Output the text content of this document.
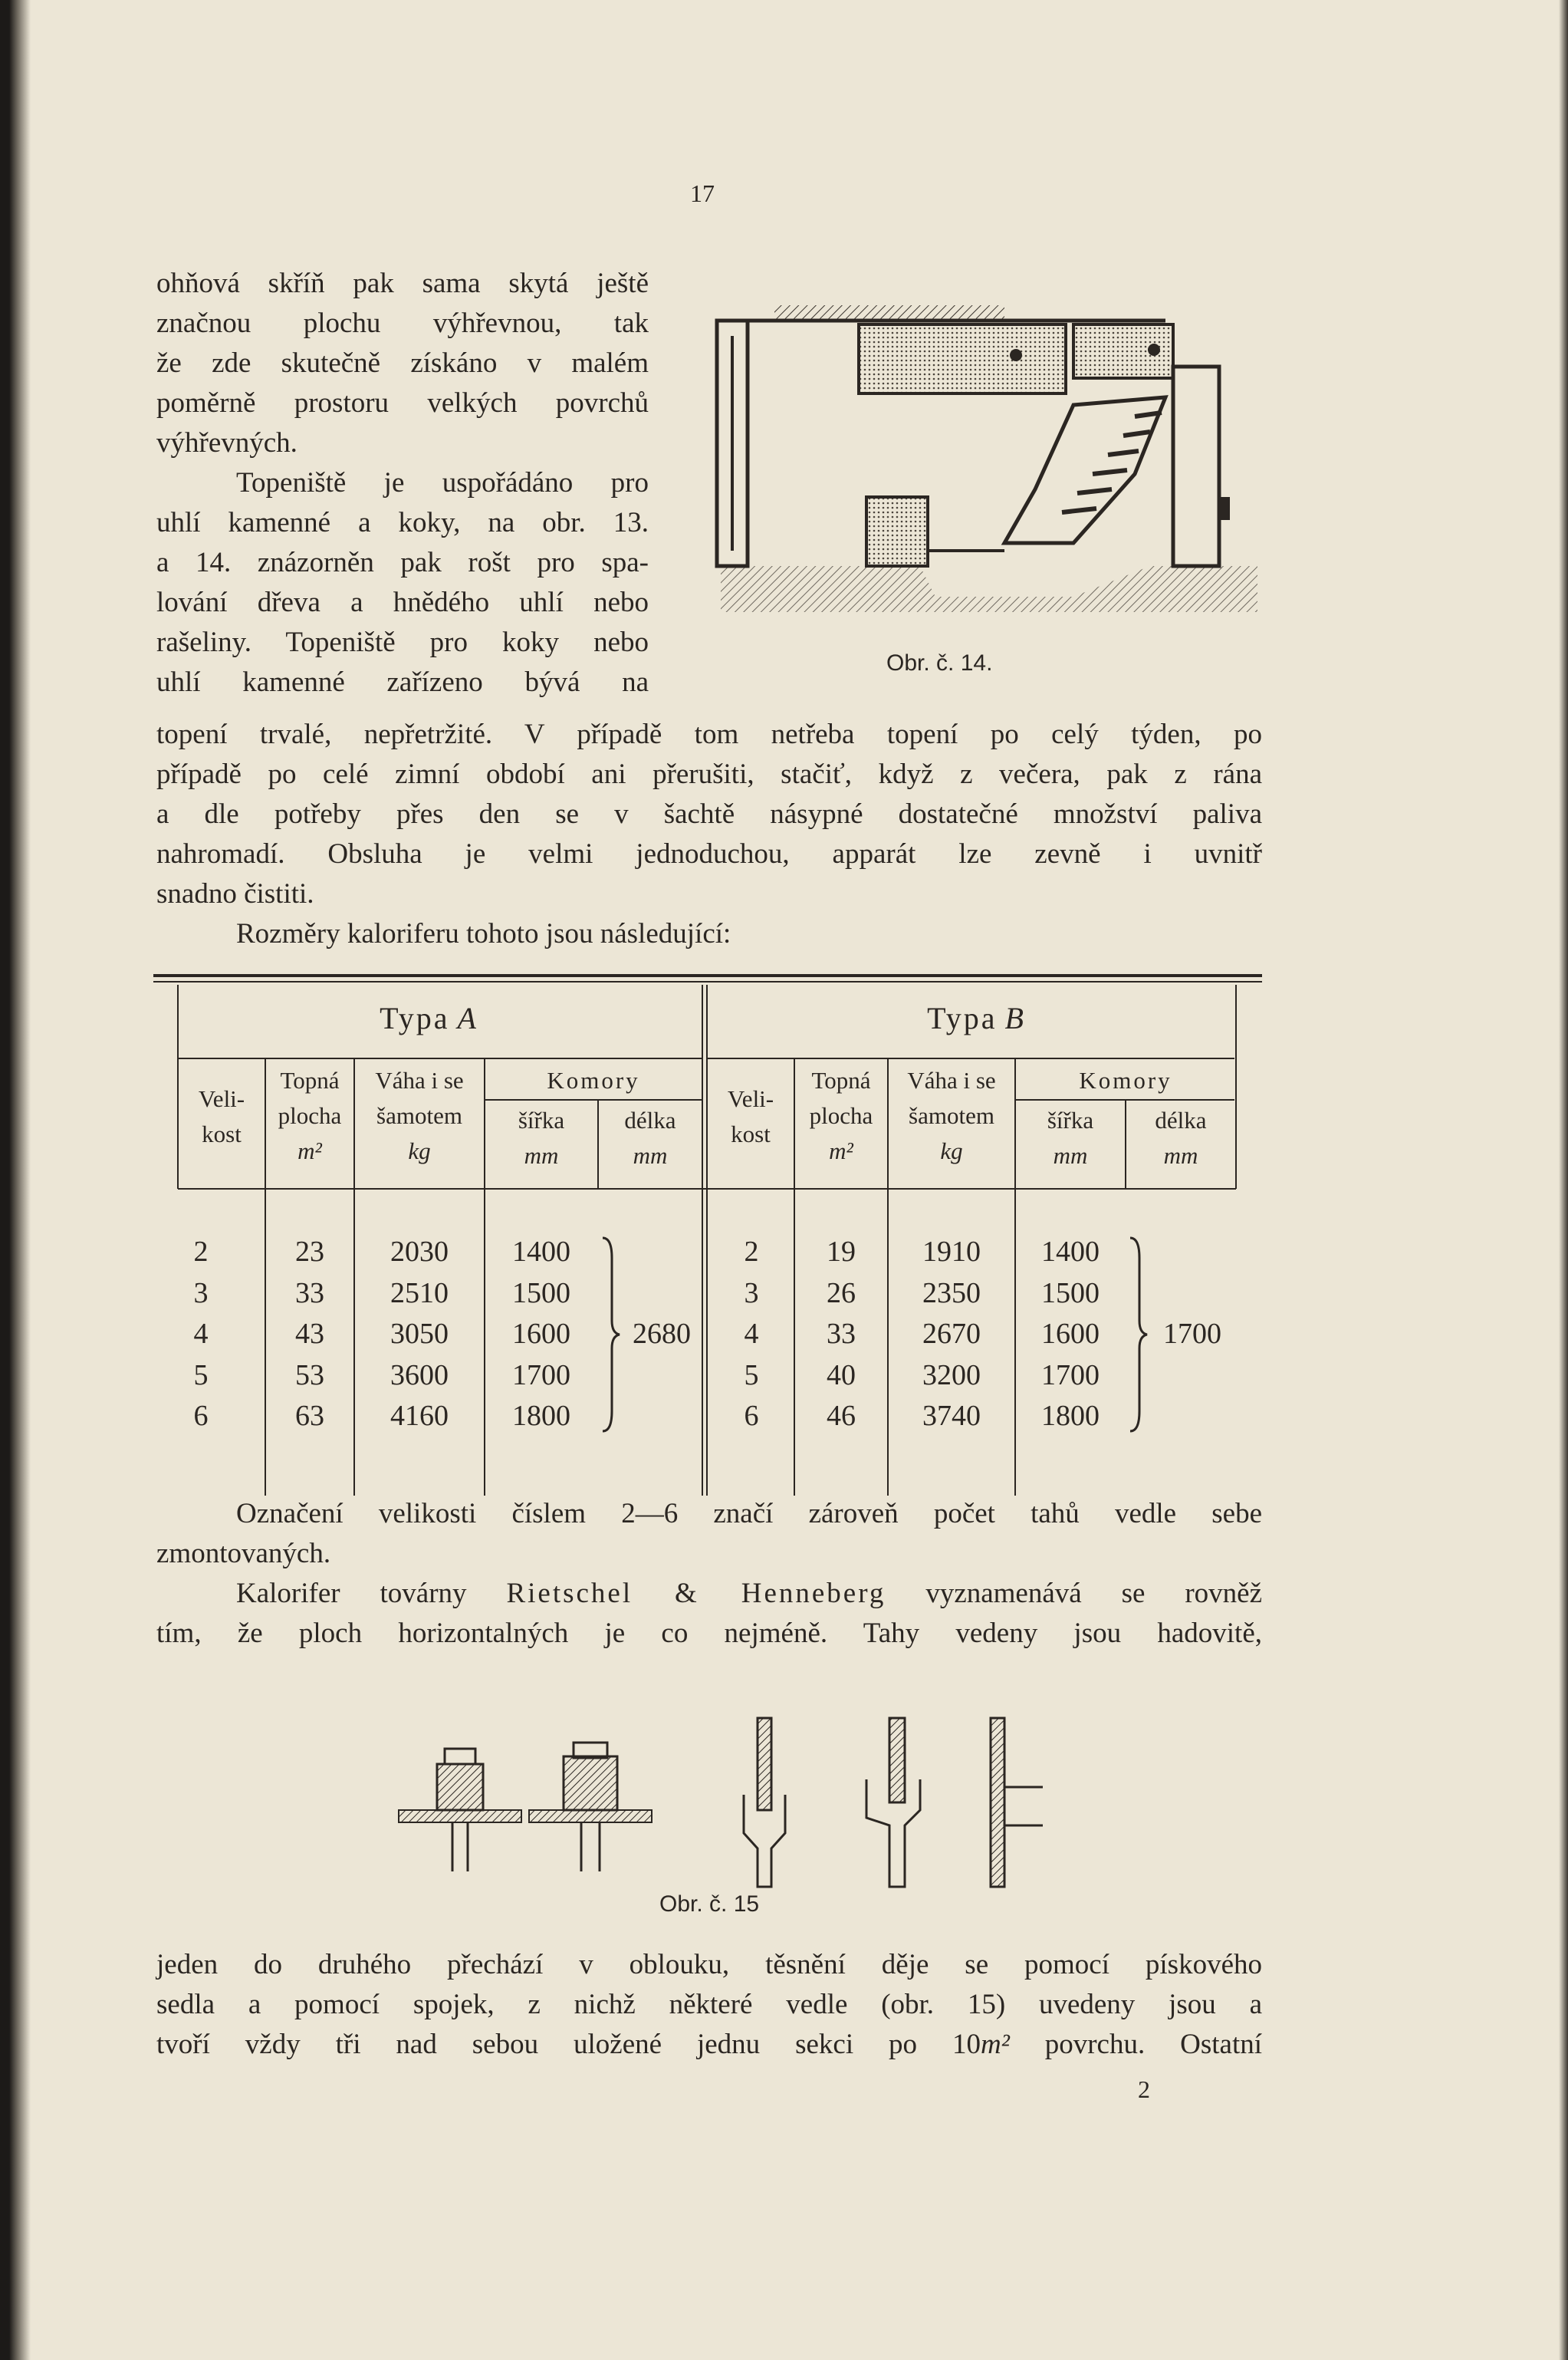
17
ohňová skříň pak sama skytá ještě
značnou plochu výhřevnou, tak
že zde skutečně získáno v malém
poměrně prostoru velkých povrchů
výhřevných.
Topeniště je uspořádáno pro
uhlí kamenné a koky, na obr. 13.
a 14. znázorněn pak rošt pro spa-
lování dřeva a hnědého uhlí nebo
rašeliny. Topeniště pro koky nebo
uhlí kamenné zařízeno bývá na
Obr. č. 14.
topení trvalé, nepřetržité. V případě tom netřeba topení po celý týden, po
případě po celé zimní období ani přerušiti, stačiť, když z večera, pak z rána
a dle potřeby přes den se v šachtě násypné dostatečné množství paliva
nahromadí. Obsluha je velmi jednoduchou, apparát lze zevně i uvnitř
snadno čistiti.
Rozměry kaloriferu tohoto jsou následující:
Typa A	Typa B
Veli-
kost
Topná
plocha
m²
Váha i se
šamotem
kg
Komory
šířka
mm
délka
mm
Veli-
kost
Topná
plocha
m²
Váha i se
šamotem
kg
Komory
šířka
mm
délka
mm
2
3
4
5
6
23
33
43
53
63
2030
2510
3050
3600
4160
1400
1500
1600
1700
1800
2680
2
3
4
5
6
19
26
33
40
46
1910
2350
2670
3200
3740
1400
1500
1600
1700
1800
1700
Označení velikosti číslem 2—6 značí zároveň počet tahů vedle sebe
zmontovaných.
Kalorifer továrny Rietschel & Henneberg vyznamenává se rovněž
tím, že ploch horizontalných je co nejméně. Tahy vedeny jsou hadovitě,
Obr. č. 15
jeden do druhého přechází v oblouku, těsnění děje se pomocí pískového
sedla a pomocí spojek, z nichž některé vedle (obr. 15) uvedeny jsou a
tvoří vždy tři nad sebou uložené jednu sekci po 10m² povrchu. Ostatní
2
